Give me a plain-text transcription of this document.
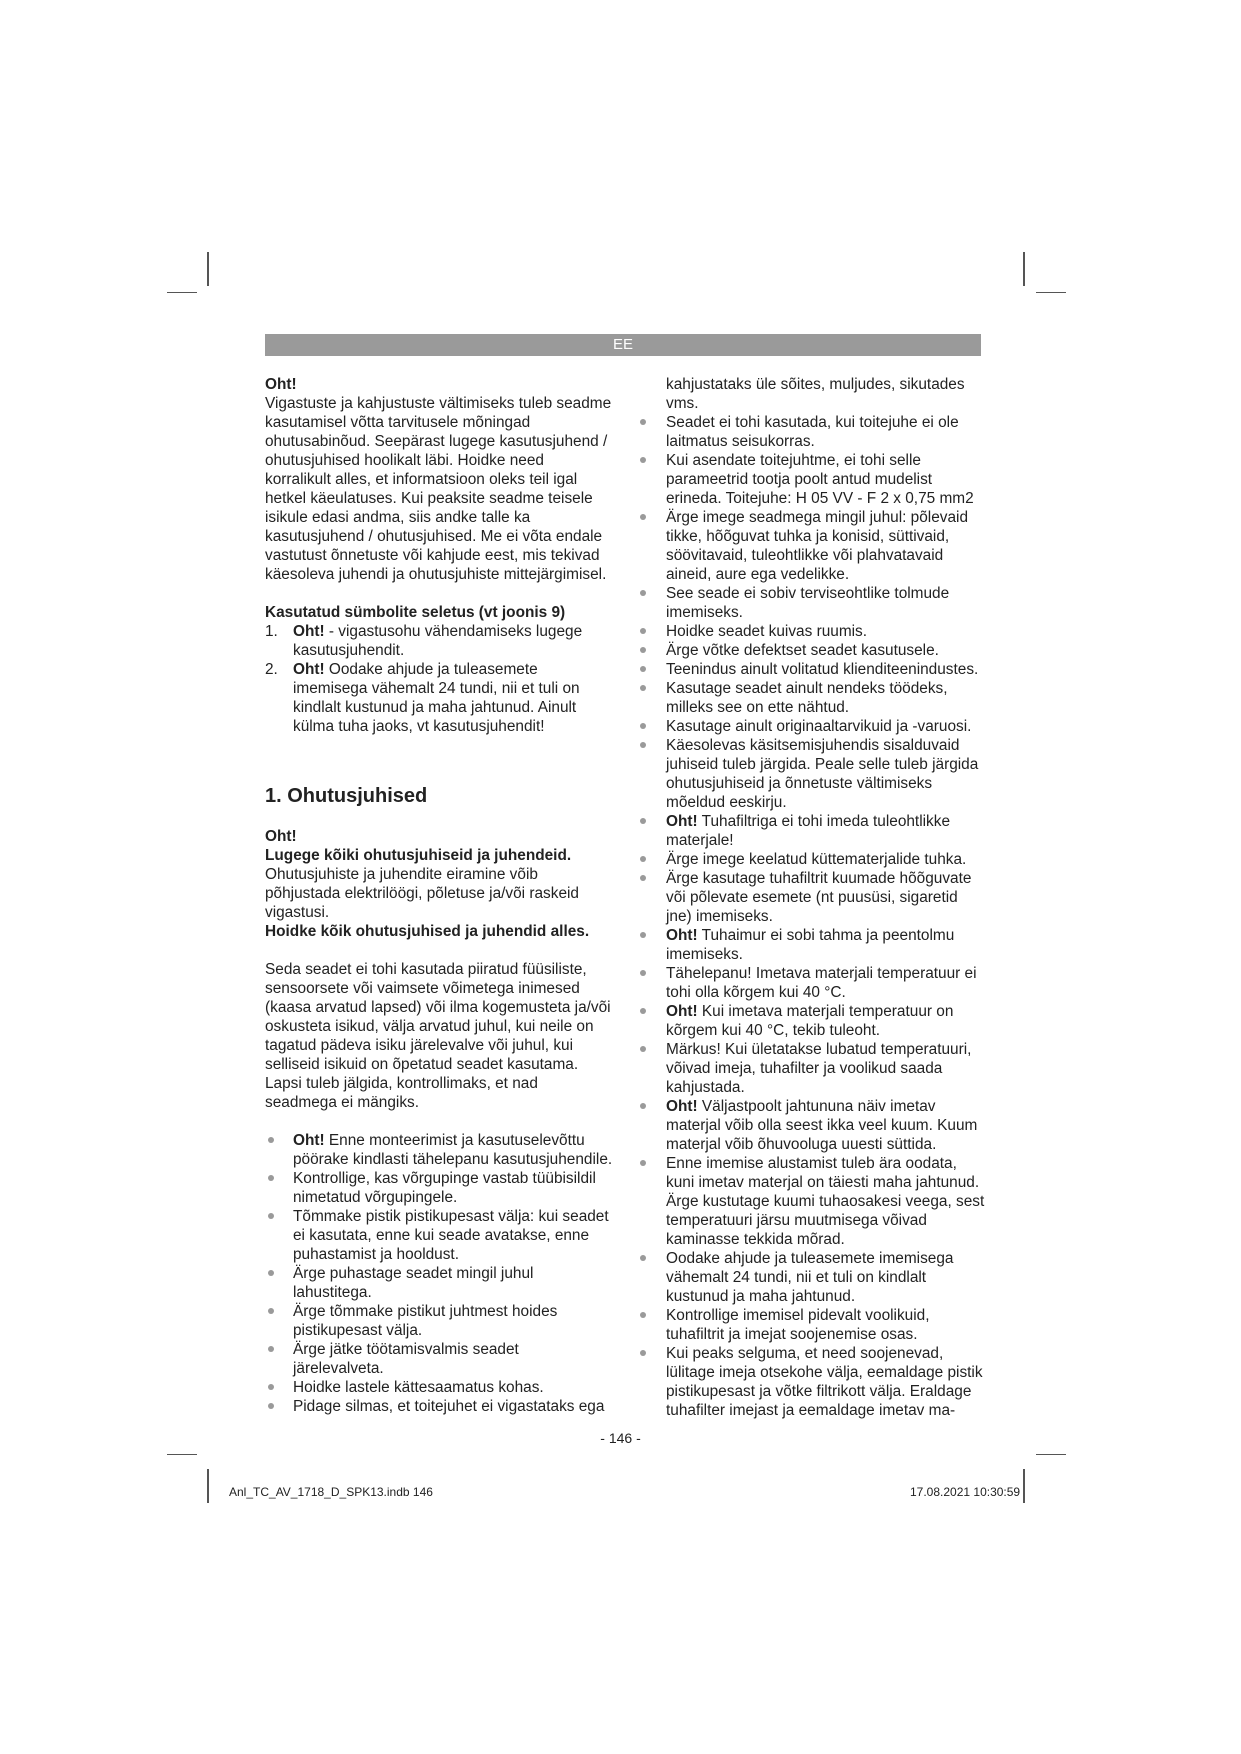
EE

Oht!

Vigastuste ja kahjustuste vältimiseks tuleb seadme kasutamisel võtta tarvitusele mõningad ohutusabinõud. Seepärast lugege kasutusjuhend / ohutusjuhised hoolikalt läbi. Hoidke need korralikult alles, et informatsioon oleks teil igal hetkel käeulatuses. Kui peaksite seadme teisele isikule edasi andma, siis andke talle ka kasutusjuhend / ohutusjuhised. Me ei võta endale vastutust õnnetuste või kahjude eest, mis tekivad käesoleva juhendi ja ohutusjuhiste mittejärgimisel.

Kasutatud sümbolite seletus (vt joonis 9)

1. Oht! - vigastusohu vähendamiseks lugege kasutusjuhendit.
2. Oht! Oodake ahjude ja tuleasemete imemisega vähemalt 24 tundi, nii et tuli on kindlalt kustunud ja maha jahtunud. Ainult külma tuha jaoks, vt kasutusjuhendit!

1. Ohutusjuhised

Oht!

Lugege kõiki ohutusjuhiseid ja juhendeid.

Ohutusjuhiste ja juhendite eiramine võib põhjustada elektrilöögi, põletuse ja/või raskeid vigastusi.

Hoidke kõik ohutusjuhised ja juhendid alles.

Seda seadet ei tohi kasutada piiratud füüsiliste, sensoorsete või vaimsete võimetega inimesed (kaasa arvatud lapsed) või ilma kogemusteta ja/või oskusteta isikud, välja arvatud juhul, kui neile on tagatud pädeva isiku järelevalve või juhul, kui selliseid isikuid on õpetatud seadet kasutama. Lapsi tuleb jälgida, kontrollimaks, et nad seadmega ei mängiks.

Oht! Enne monteerimist ja kasutuselevõttu pöörake kindlasti tähelepanu kasutusjuhendile.
Kontrollige, kas võrgupinge vastab tüübisildil nimetatud võrgupingele.
Tõmmake pistik pistikupesast välja: kui seadet ei kasutata, enne kui seade avatakse, enne puhastamist ja hooldust.
Ärge puhastage seadet mingil juhul lahustitega.
Ärge tõmmake pistikut juhtmest hoides pistikupesast välja.
Ärge jätke töötamisvalmis seadet järelevalveta.
Hoidke lastele kättesaamatus kohas.
Pidage silmas, et toitejuhet ei vigastataks ega

kahjustataks üle sõites, muljudes, sikutades vms.

Seadet ei tohi kasutada, kui toitejuhe ei ole laitmatus seisukorras.
Kui asendate toitejuhtme, ei tohi selle parameetrid tootja poolt antud mudelist erineda. Toitejuhe: H 05 VV - F 2 x 0,75 mm2
Ärge imege seadmega mingil juhul: põlevaid tikke, hõõguvat tuhka ja konisid, süttivaid, söövitavaid, tuleohtlikke või plahvatavaid aineid, aure ega vedelikke.
See seade ei sobiv terviseohtlike tolmude imemiseks.
Hoidke seadet kuivas ruumis.
Ärge võtke defektset seadet kasutusele.
Teenindus ainult volitatud klienditeenindustes.
Kasutage seadet ainult nendeks töödeks, milleks see on ette nähtud.
Kasutage ainult originaaltarvikuid ja -varuosi.
Käesolevas käsitsemisjuhendis sisalduvaid juhiseid tuleb järgida. Peale selle tuleb järgida ohutusjuhiseid ja õnnetuste vältimiseks mõeldud eeskirju.
Oht! Tuhafiltriga ei tohi imeda tuleohtlikke materjale!
Ärge imege keelatud küttematerjalide tuhka.
Ärge kasutage tuhafiltrit kuumade hõõguvate või põlevate esemete (nt puusüsi, sigaretid jne) imemiseks.
Oht! Tuhaimur ei sobi tahma ja peentolmu imemiseks.
Tähelepanu! Imetava materjali temperatuur ei tohi olla kõrgem kui 40 °C.
Oht! Kui imetava materjali temperatuur on kõrgem kui 40 °C, tekib tuleoht.
Märkus! Kui ületatakse lubatud temperatuuri, võivad imeja, tuhafilter ja voolikud saada kahjustada.
Oht! Väljastpoolt jahtununa näiv imetav materjal võib olla seest ikka veel kuum. Kuum materjal võib õhuvooluga uuesti süttida.
Enne imemise alustamist tuleb ära oodata, kuni imetav materjal on täiesti maha jahtunud. Ärge kustutage kuumi tuhaosakesi veega, sest temperatuuri järsu muutmisega võivad kaminasse tekkida mõrad.
Oodake ahjude ja tuleasemete imemisega vähemalt 24 tundi, nii et tuli on kindlalt kustunud ja maha jahtunud.
Kontrollige imemisel pidevalt voolikuid, tuhafiltrit ja imejat soojenemise osas.
Kui peaks selguma, et need soojenevad, lülitage imeja otsekohe välja, eemaldage pistik pistikupesast ja võtke filtrikott välja. Eraldage tuhafilter imejast ja eemaldage imetav ma-
- 146 -
Anl_TC_AV_1718_D_SPK13.indb 146	17.08.2021 10:30:59
